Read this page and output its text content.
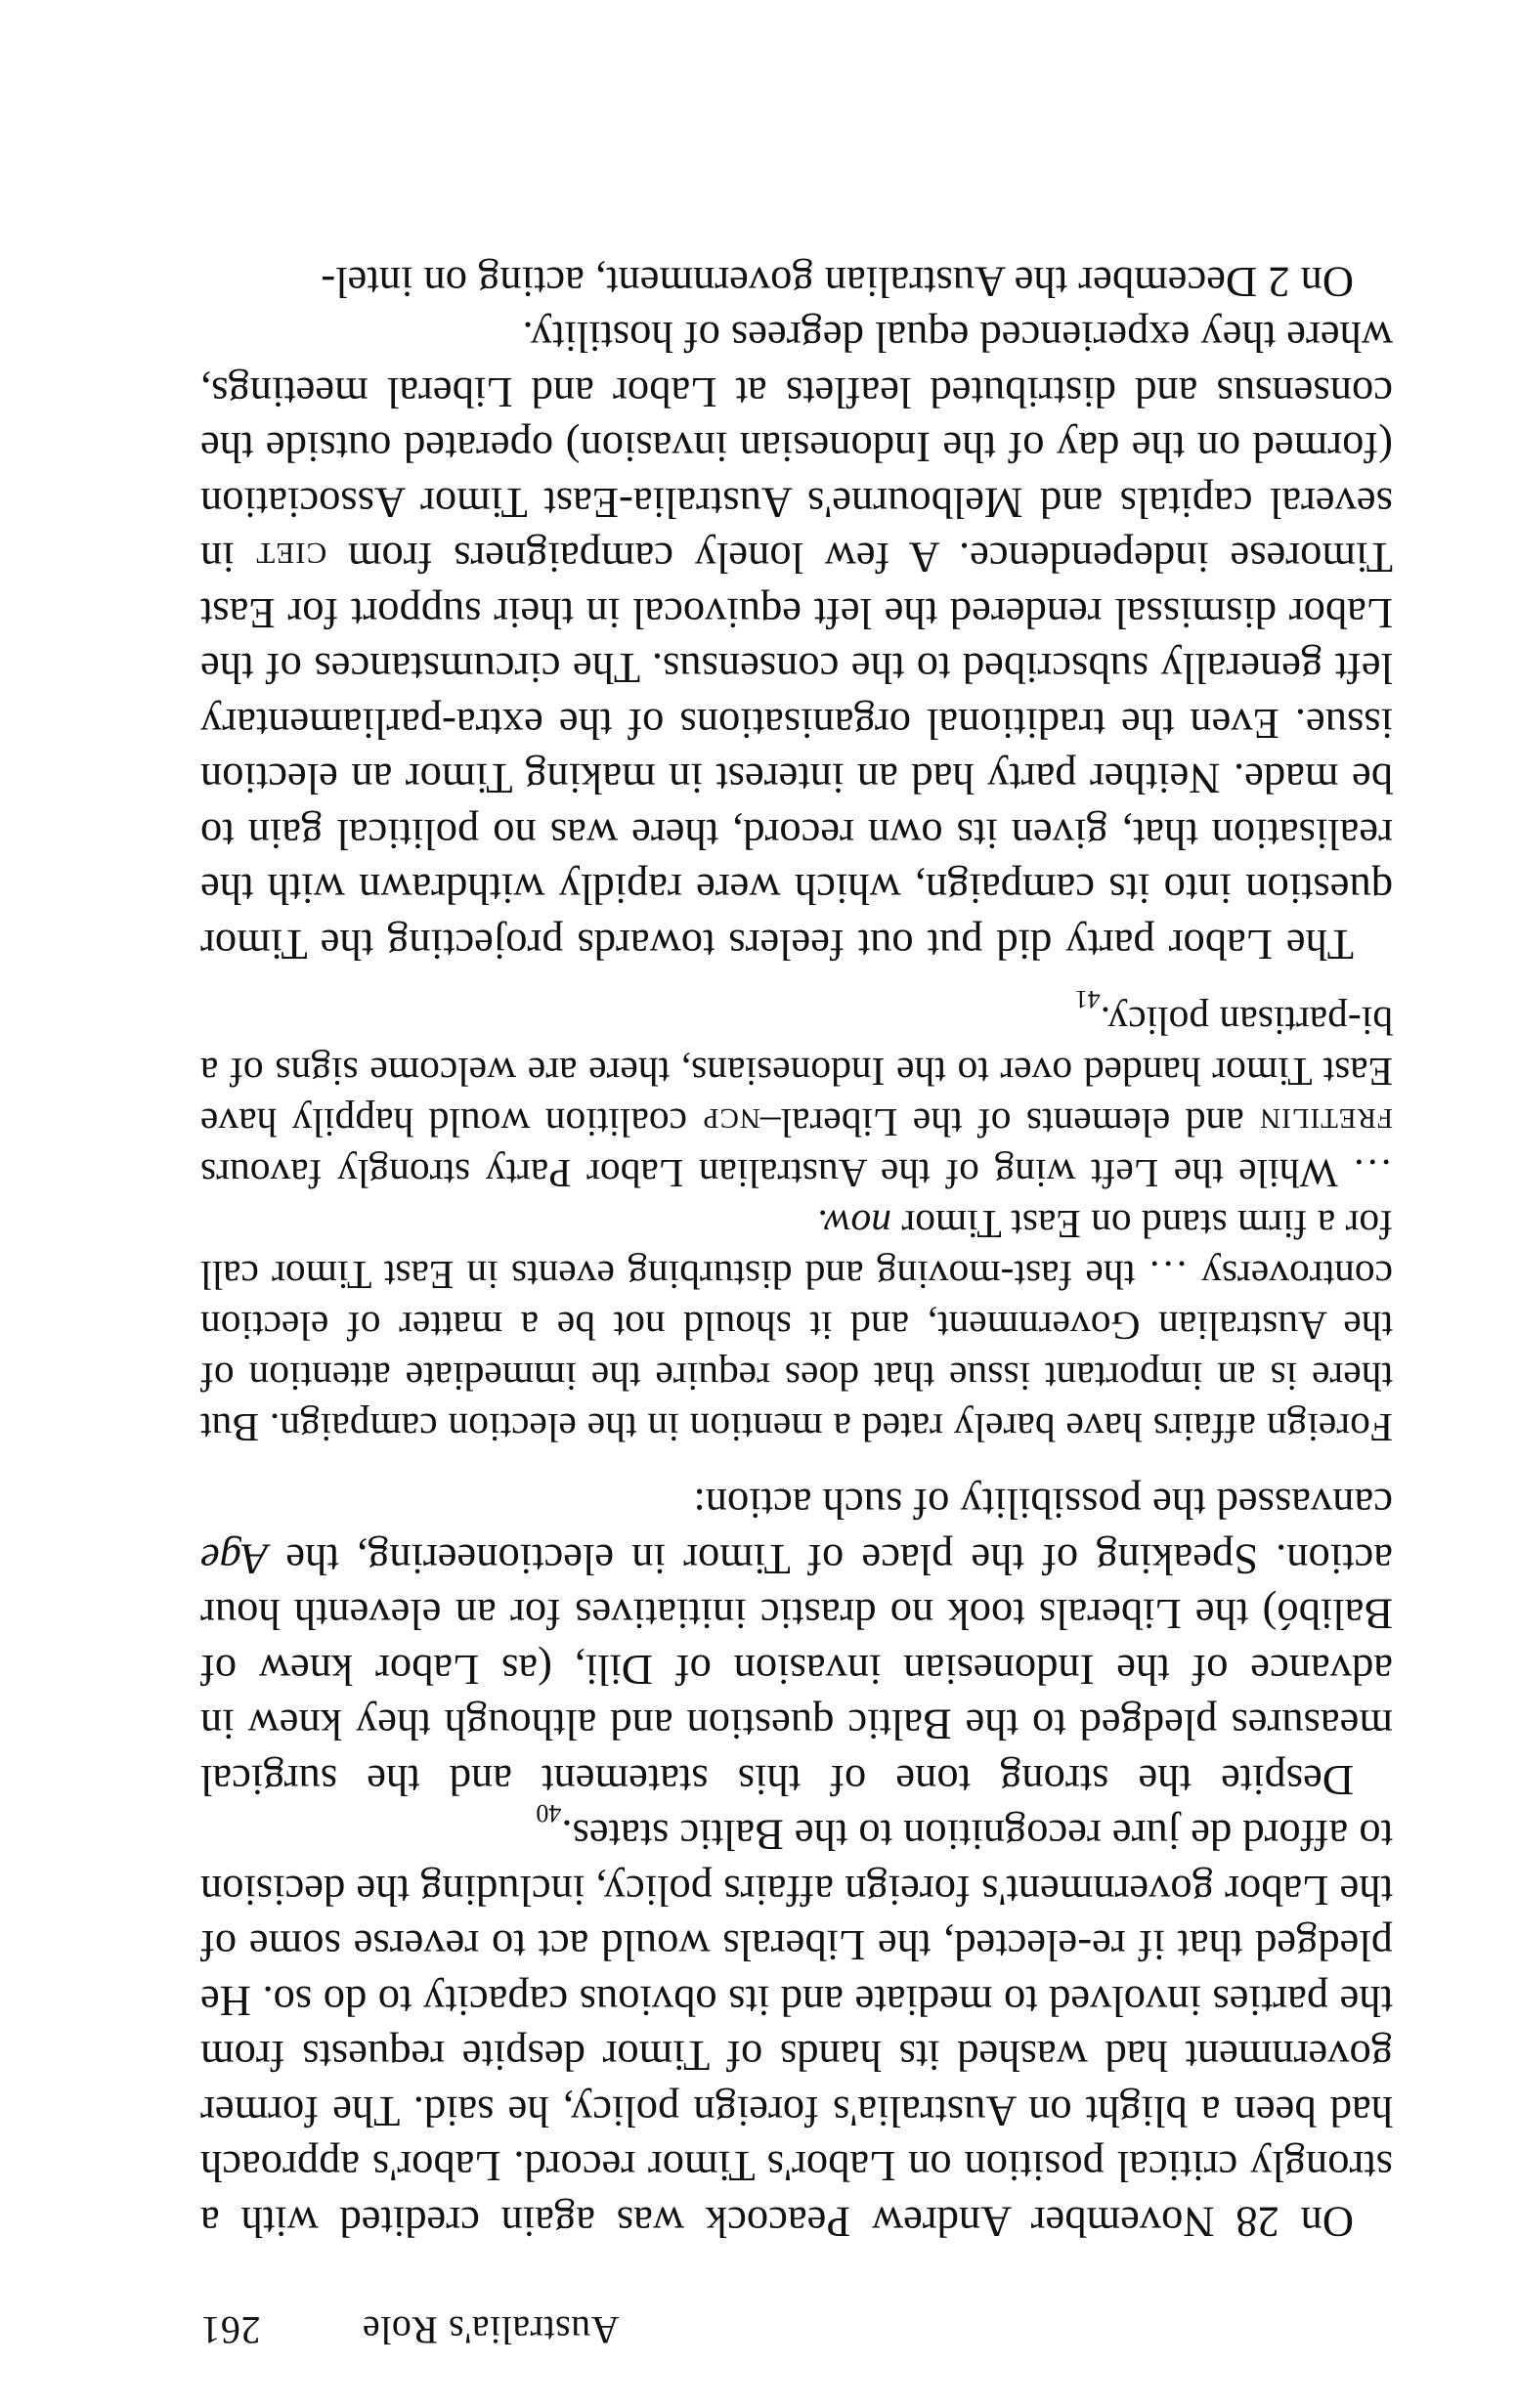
Australia's Role
261

On 28 November Andrew Peacock was again credited with a strongly critical position on Labor's Timor record. Labor's approach had been a blight on Australia's foreign policy, he said. The former government had washed its hands of Timor despite requests from the parties involved to mediate and its obvious capacity to do so. He pledged that if re-elected, the Liberals would act to reverse some of the Labor government's foreign affairs policy, including the decision to afford de jure recognition to the Baltic states.$^{40}$

Despite the strong tone of this statement and the surgical measures pledged to the Baltic question and although they knew in advance of the Indonesian invasion of Dili, (as Labor knew of Balibó) the Liberals took no drastic initiatives for an eleventh hour action. Speaking of the place of Timor in electioneering, the Age canvassed the possibility of such action:

Foreign affairs have barely rated a mention in the election campaign. But there is an important issue that does require the immediate attention of the Australian Government, and it should not be a matter of election controversy … the fast-moving and disturbing events in East Timor call for a firm stand on East Timor now.

… While the Left wing of the Australian Labor Party strongly favours fretilin and elements of the Liberal–ncp coalition would happily have East Timor handed over to the Indonesians, there are welcome signs of a bi-partisan policy.$^{41}$

The Labor party did put out feelers towards projecting the Timor question into its campaign, which were rapidly withdrawn with the realisation that, given its own record, there was no political gain to be made. Neither party had an interest in making Timor an election issue. Even the traditional organisations of the extra-parliamentary left generally subscribed to the consensus. The circumstances of the Labor dismissal rendered the left equivocal in their support for East Timorese independence. A few lonely campaigners from ciet in several capitals and Melbourne's Australia-East Timor Association (formed on the day of the Indonesian invasion) operated outside the consensus and distributed leaflets at Labor and Liberal meetings, where they experienced equal degrees of hostility.

On 2 December the Australian government, acting on intel-
